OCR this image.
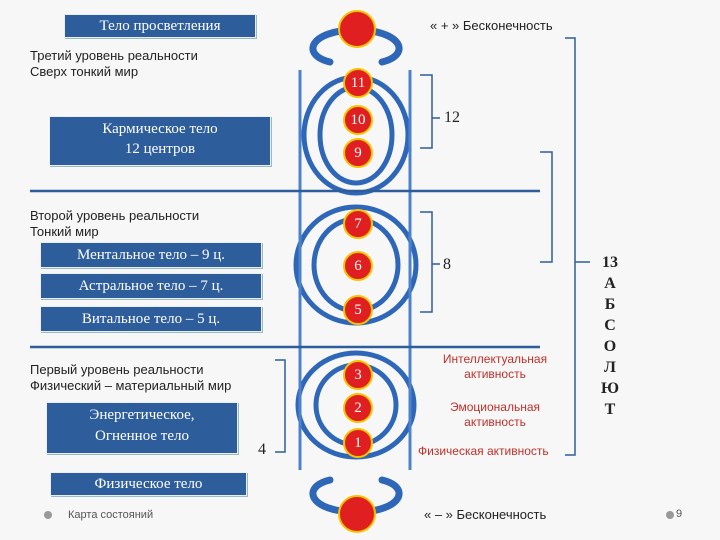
Тело просветления	« + » Бесконечность
Третий уровень реальности
Сверх тонкий мир
Кармическое тело
12 центров
Второй уровень реальности
Тонкий мир
Ментальное тело – 9 ц.
Астральное тело – 7 ц.
Витальное тело – 5 ц.
Первый уровень реальности
Физический – материальный мир
Энергетическое,
Огненное тело
Физическое тело
11
10
9
7
6
5
3
2
1
12
8
4
13
А
Б
С
О
Л
Ю
Т
Интеллектуальная
активность
Эмоциональная
активность
Физическая активность
Карта состояний	« – » Бесконечность	9
